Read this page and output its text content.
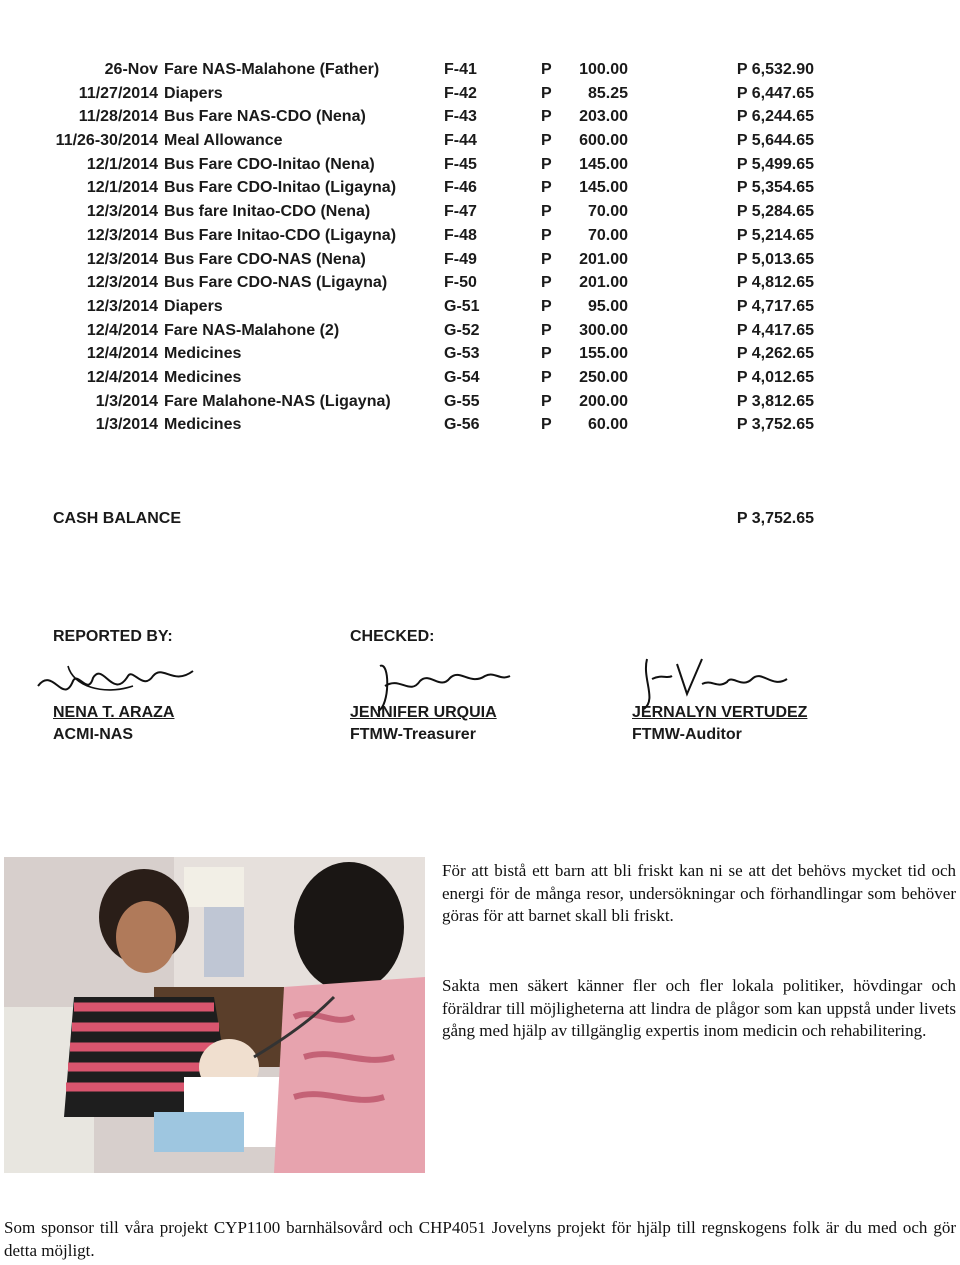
26-Nov Fare NAS-Malahone (Father)	F-41	P 100.00	P 6,532.90
11/27/2014 Diapers	F-42	P 85.25	P 6,447.65
11/28/2014 Bus Fare NAS-CDO (Nena)	F-43	P 203.00	P 6,244.65
11/26-30/2014 Meal Allowance	F-44	P 600.00	P 5,644.65
12/1/2014 Bus Fare CDO-Initao (Nena)	F-45	P 145.00	P 5,499.65
12/1/2014 Bus Fare CDO-Initao (Ligayna)	F-46	P 145.00	P 5,354.65
12/3/2014 Bus fare Initao-CDO (Nena)	F-47	P 70.00	P 5,284.65
12/3/2014 Bus Fare Initao-CDO (Ligayna)	F-48	P 70.00	P 5,214.65
12/3/2014 Bus Fare CDO-NAS (Nena)	F-49	P 201.00	P 5,013.65
12/3/2014 Bus Fare CDO-NAS (Ligayna)	F-50	P 201.00	P 4,812.65
12/3/2014 Diapers	G-51	P 95.00	P 4,717.65
12/4/2014 Fare NAS-Malahone (2)	G-52	P 300.00	P 4,417.65
12/4/2014 Medicines	G-53	P 155.00	P 4,262.65
12/4/2014 Medicines	G-54	P 250.00	P 4,012.65
1/3/2014 Fare Malahone-NAS (Ligayna)	G-55	P 200.00	P 3,812.65
1/3/2014 Medicines	G-56	P 60.00	P 3,752.65
CASH BALANCE	P 3,752.65
REPORTED BY:	CHECKED:
NENA T. ARAZA
ACMI-NAS
JENNIFER URQUIA
FTMW-Treasurer
JERNALYN VERTUDEZ
FTMW-Auditor
För att bistå ett barn att bli friskt kan ni se att det behövs mycket tid och energi för de många resor, undersökningar och förhandlingar som behöver göras för att barnet skall bli friskt.
Sakta men säkert känner fler och fler lokala politiker, hövdingar och föräldrar till möjligheterna att lindra de plågor som kan uppstå under livets gång med hjälp av tillgänglig expertis inom medicin och rehabilitering.
Som sponsor till våra projekt CYP1100 barnhälsovård och CHP4051 Jovelyns projekt för hjälp till regnskogens folk är du med och gör detta möjligt.
